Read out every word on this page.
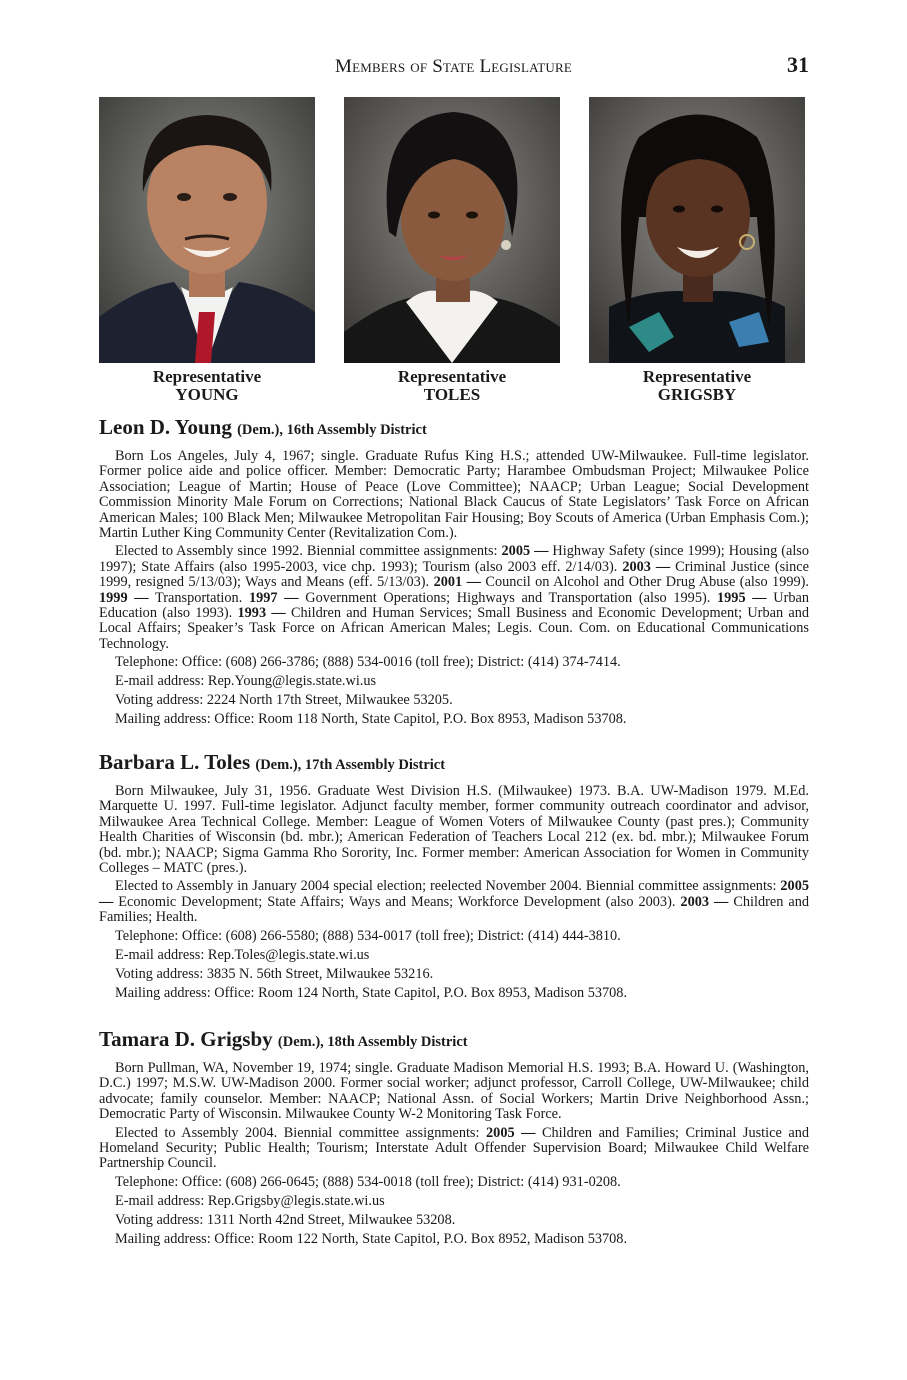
Members of State Legislature	31
Representative
YOUNG
Representative
TOLES
Representative
GRIGSBY
Leon D. Young (Dem.), 16th Assembly District

Born Los Angeles, July 4, 1967; single. Graduate Rufus King H.S.; attended UW-Milwaukee. Full-time legislator. Former police aide and police officer. Member: Democratic Party; Harambee Ombudsman Project; Milwaukee Police Association; League of Martin; House of Peace (Love Committee); NAACP; Urban League; Social Development Commission Minority Male Forum on Corrections; National Black Caucus of State Legislators’ Task Force on African American Males; 100 Black Men; Milwaukee Metropolitan Fair Housing; Boy Scouts of America (Urban Emphasis Com.); Martin Luther King Community Center (Revitalization Com.).

Elected to Assembly since 1992. Biennial committee assignments: 2005 — Highway Safety (since 1999); Housing (also 1997); State Affairs (also 1995-2003, vice chp. 1993); Tourism (also 2003 eff. 2/14/03). 2003 — Criminal Justice (since 1999, resigned 5/13/03); Ways and Means (eff. 5/13/03). 2001 — Council on Alcohol and Other Drug Abuse (also 1999). 1999 — Transportation. 1997 — Government Operations; Highways and Transportation (also 1995). 1995 — Urban Education (also 1993). 1993 — Children and Human Services; Small Business and Economic Development; Urban and Local Affairs; Speaker’s Task Force on African American Males; Legis. Coun. Com. on Educational Communications Technology.

Telephone: Office: (608) 266-3786; (888) 534-0016 (toll free); District: (414) 374-7414.

E-mail address: Rep.Young@legis.state.wi.us

Voting address: 2224 North 17th Street, Milwaukee 53205.

Mailing address: Office: Room 118 North, State Capitol, P.O. Box 8953, Madison 53708.

Barbara L. Toles (Dem.), 17th Assembly District

Born Milwaukee, July 31, 1956. Graduate West Division H.S. (Milwaukee) 1973. B.A. UW-Madison 1979. M.Ed. Marquette U. 1997. Full-time legislator. Adjunct faculty member, former community outreach coordinator and advisor, Milwaukee Area Technical College. Member: League of Women Voters of Milwaukee County (past pres.); Community Health Charities of Wisconsin (bd. mbr.); American Federation of Teachers Local 212 (ex. bd. mbr.); Milwaukee Forum (bd. mbr.); NAACP; Sigma Gamma Rho Sorority, Inc. Former member: American Association for Women in Community Colleges – MATC (pres.).

Elected to Assembly in January 2004 special election; reelected November 2004. Biennial committee assignments: 2005 — Economic Development; State Affairs; Ways and Means; Workforce Development (also 2003). 2003 — Children and Families; Health.

Telephone: Office: (608) 266-5580; (888) 534-0017 (toll free); District: (414) 444-3810.

E-mail address: Rep.Toles@legis.state.wi.us

Voting address: 3835 N. 56th Street, Milwaukee 53216.

Mailing address: Office: Room 124 North, State Capitol, P.O. Box 8953, Madison 53708.

Tamara D. Grigsby (Dem.), 18th Assembly District

Born Pullman, WA, November 19, 1974; single. Graduate Madison Memorial H.S. 1993; B.A. Howard U. (Washington, D.C.) 1997; M.S.W. UW-Madison 2000. Former social worker; adjunct professor, Carroll College, UW-Milwaukee; child advocate; family counselor. Member: NAACP; National Assn. of Social Workers; Martin Drive Neighborhood Assn.; Democratic Party of Wisconsin. Milwaukee County W-2 Monitoring Task Force.

Elected to Assembly 2004. Biennial committee assignments: 2005 — Children and Families; Criminal Justice and Homeland Security; Public Health; Tourism; Interstate Adult Offender Supervision Board; Milwaukee Child Welfare Partnership Council.

Telephone: Office: (608) 266-0645; (888) 534-0018 (toll free); District: (414) 931-0208.

E-mail address: Rep.Grigsby@legis.state.wi.us

Voting address: 1311 North 42nd Street, Milwaukee 53208.

Mailing address: Office: Room 122 North, State Capitol, P.O. Box 8952, Madison 53708.
